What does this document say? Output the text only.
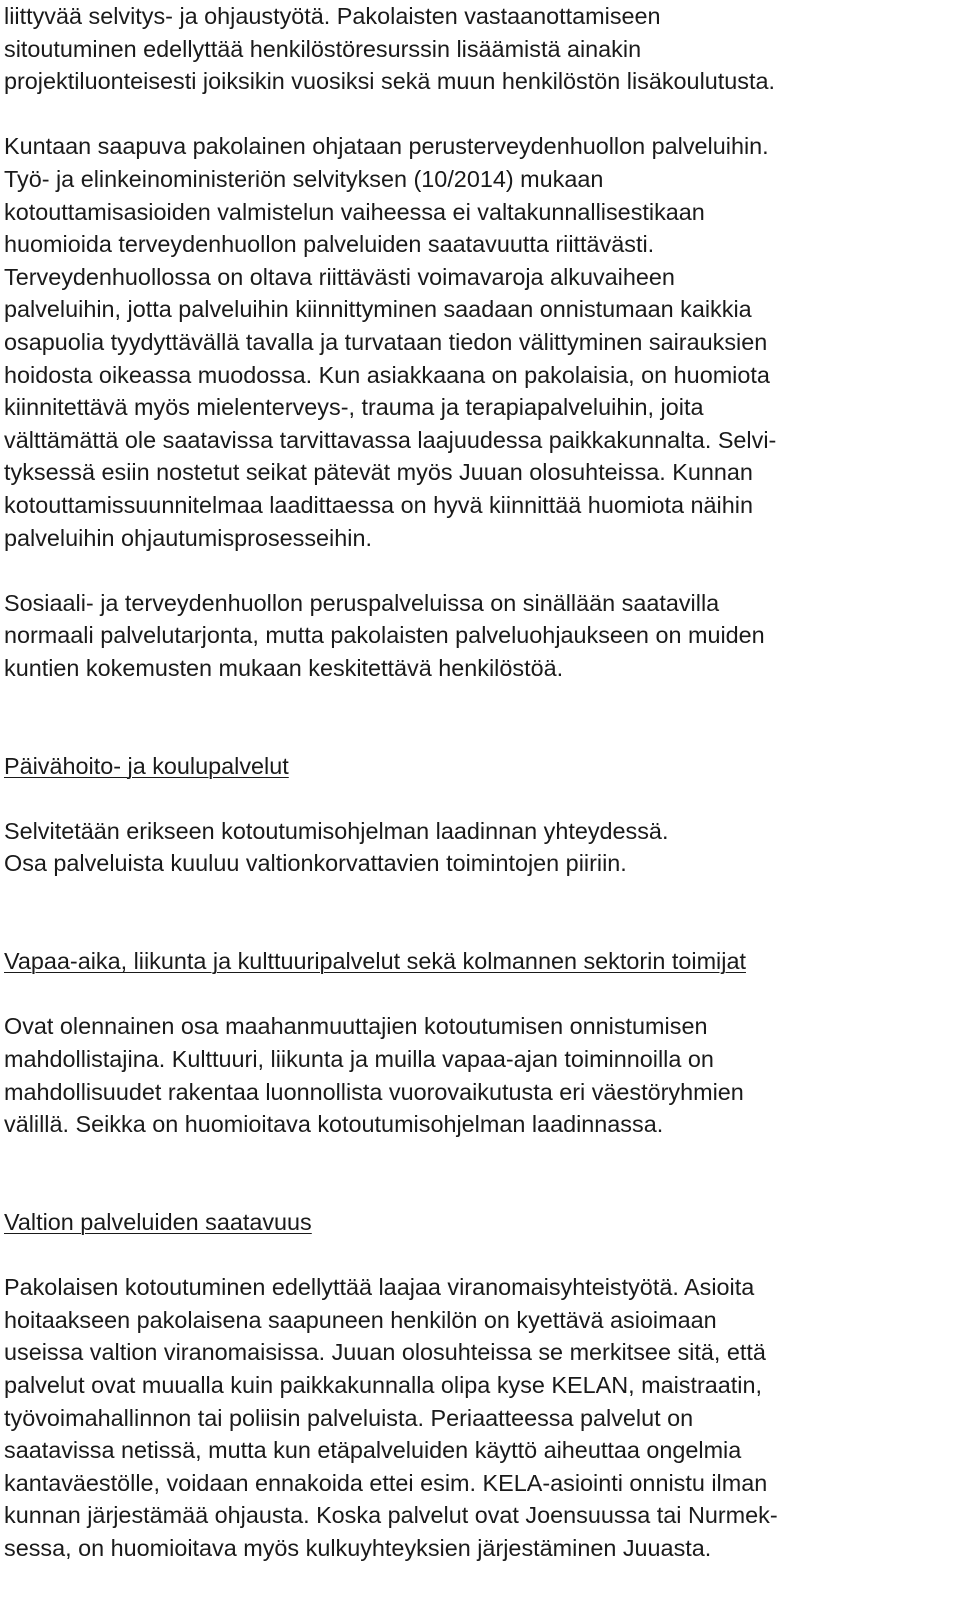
liittyvää selvitys- ja ohjaustyötä. Pakolaisten vastaanottamiseen
sitoutuminen edellyttää henkilöstöresurssin lisäämistä ainakin
projektiluonteisesti joiksikin vuosiksi sekä muun henkilöstön lisäkoulutusta.
Kuntaan saapuva pakolainen ohjataan perusterveydenhuollon palveluihin.
Työ- ja elinkeinoministeriön selvityksen (10/2014) mukaan
kotouttamisasioiden valmistelun vaiheessa ei valtakunnallisestikaan
huomioida terveydenhuollon palveluiden saatavuutta riittävästi.
Terveydenhuollossa on oltava riittävästi voimavaroja alkuvaiheen
palveluihin, jotta palveluihin kiinnittyminen saadaan onnistumaan kaikkia
osapuolia tyydyttävällä tavalla ja turvataan tiedon välittyminen sairauksien
hoidosta oikeassa muodossa. Kun asiakkaana on pakolaisia, on huomiota
kiinnitettävä myös mielenterveys-, trauma ja terapiapalveluihin, joita
välttämättä ole saatavissa tarvittavassa laajuudessa paikkakunnalta. Selvi-
tyksessä esiin nostetut seikat pätevät myös Juuan olosuhteissa. Kunnan
kotouttamissuunnitelmaa laadittaessa on hyvä kiinnittää huomiota näihin
palveluihin ohjautumisprosesseihin.
Sosiaali- ja terveydenhuollon peruspalveluissa on sinällään saatavilla
normaali palvelutarjonta, mutta pakolaisten palveluohjaukseen on muiden
kuntien kokemusten mukaan keskitettävä henkilöstöä.
Päivähoito- ja koulupalvelut
Selvitetään erikseen kotoutumisohjelman laadinnan yhteydessä.
Osa palveluista kuuluu valtionkorvattavien toimintojen piiriin.
Vapaa-aika, liikunta ja kulttuuripalvelut sekä kolmannen sektorin toimijat
Ovat olennainen osa maahanmuuttajien kotoutumisen onnistumisen
mahdollistajina. Kulttuuri, liikunta ja muilla vapaa-ajan toiminnoilla on
mahdollisuudet rakentaa luonnollista vuorovaikutusta eri väestöryhmien
välillä. Seikka on huomioitava kotoutumisohjelman laadinnassa.
Valtion palveluiden saatavuus
Pakolaisen kotoutuminen edellyttää laajaa viranomaisyhteistyötä. Asioita
hoitaakseen pakolaisena saapuneen henkilön on kyettävä asioimaan
useissa valtion viranomaisissa. Juuan olosuhteissa se merkitsee sitä, että
palvelut ovat muualla kuin paikkakunnalla olipa kyse KELAN, maistraatin,
työvoimahallinnon tai poliisin palveluista. Periaatteessa palvelut on
saatavissa netissä, mutta kun etäpalveluiden käyttö aiheuttaa ongelmia
kantaväestölle, voidaan ennakoida ettei esim. KELA-asiointi onnistu ilman
kunnan järjestämää ohjausta. Koska palvelut ovat Joensuussa tai Nurmek-
sessa, on huomioitava myös kulkuyhteyksien järjestäminen Juuasta.
